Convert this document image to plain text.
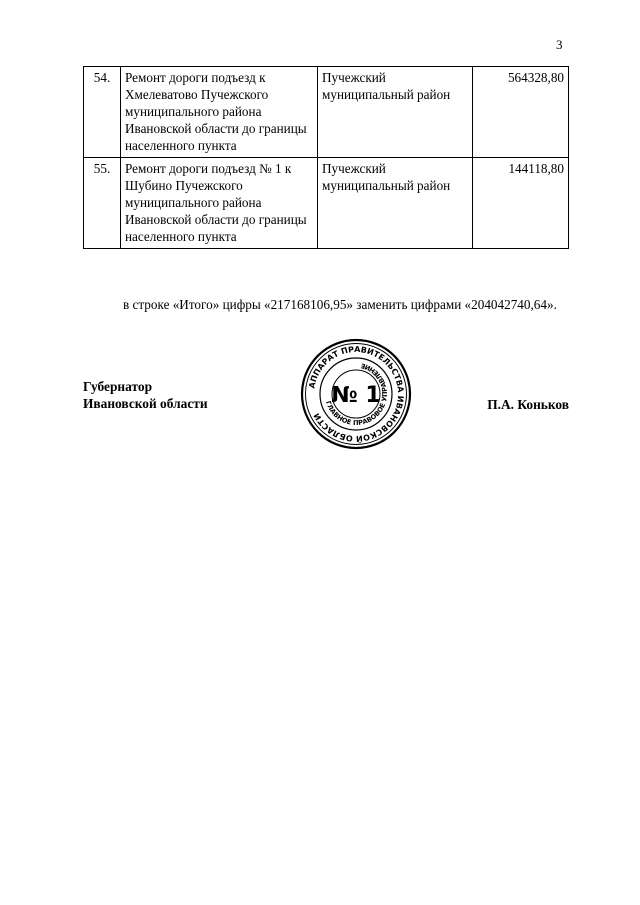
3
54.	Ремонт дороги подъезд к Хмелеватово Пучежского муниципального района Ивановской области до границы населенного пункта	Пучежский муниципальный район	564328,80
55.	Ремонт дороги подъезд № 1 к Шубино Пучежского муниципального района Ивановской области до границы населенного пункта	Пучежский муниципальный район	144118,80
в строке «Итого» цифры «217168106,95» заменить цифрами «204042740,64».
Губернатор
Ивановской области
АППАРАТ ПРАВИТЕЛЬСТВА ИВАНОВСКОЙ ОБЛАСТИ
ГЛАВНОЕ ПРАВОВОЕ УПРАВЛЕНИЕ
№ 1	П.А. Коньков
